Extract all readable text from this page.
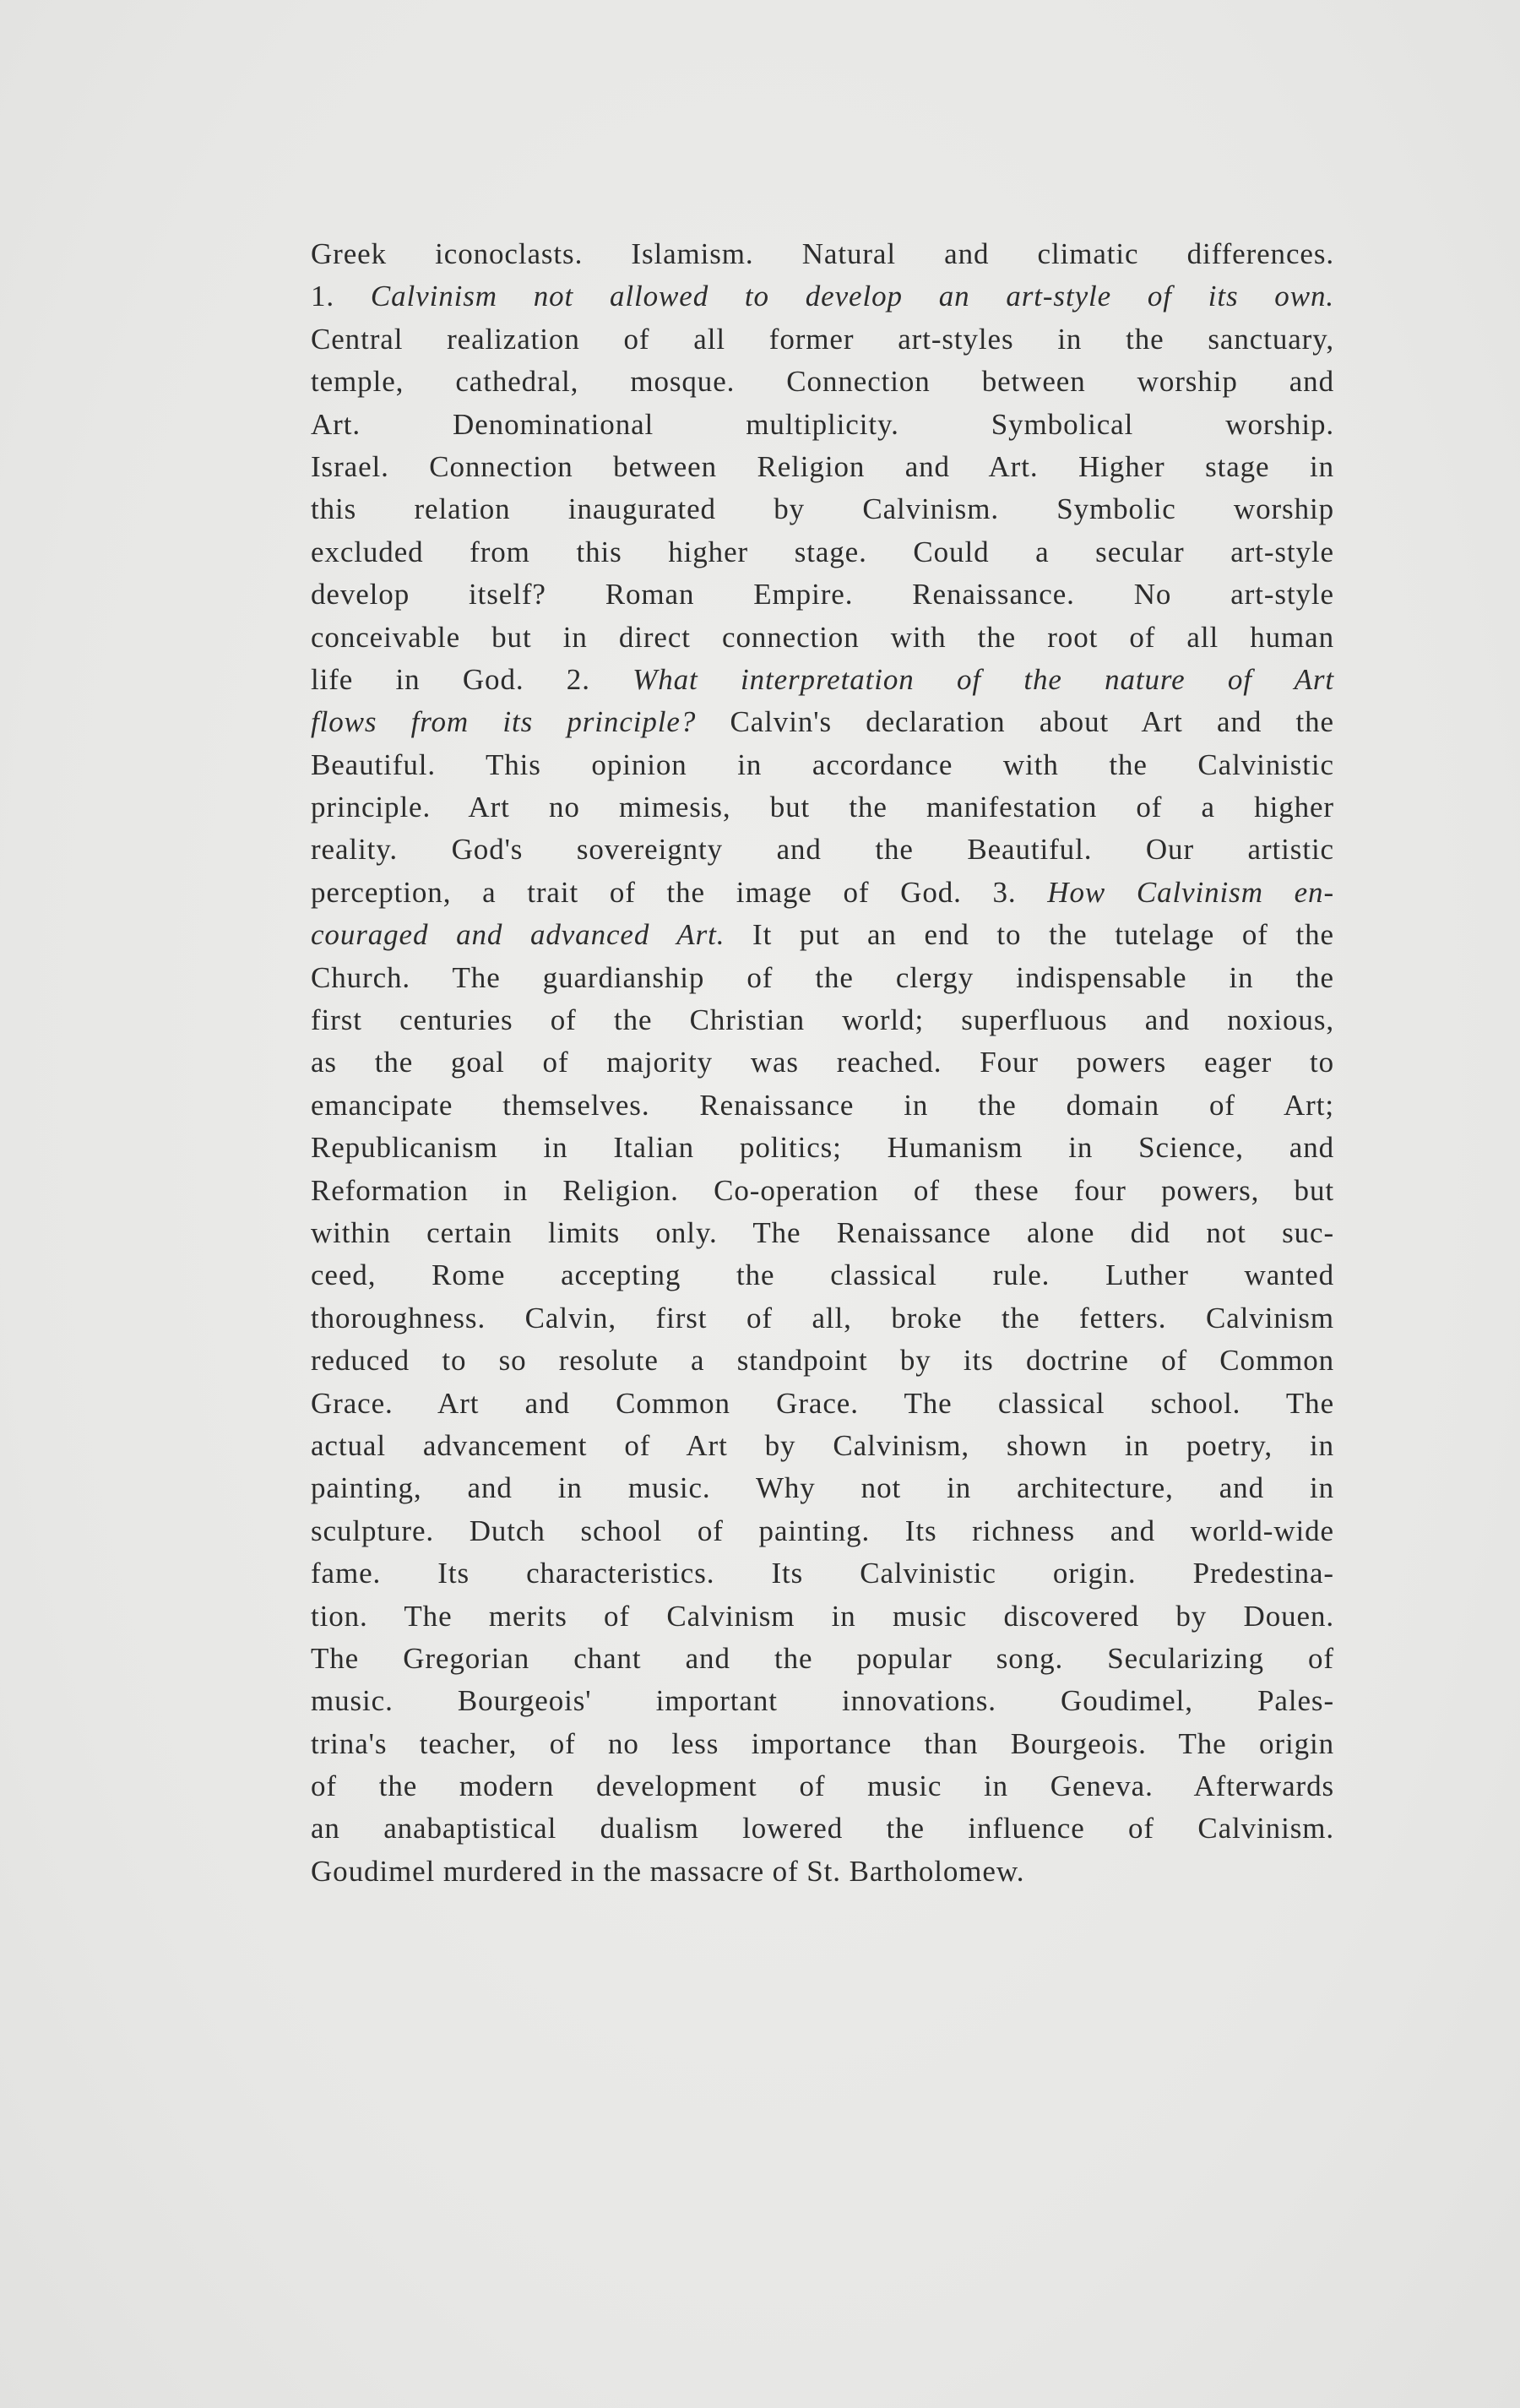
Greek iconoclasts. Islamism. Natural and climatic differences.
1. Calvinism not allowed to develop an art-style of its own.
Central realization of all former art-styles in the sanctuary,
temple, cathedral, mosque. Connection between worship and
Art. Denominational multiplicity. Symbolical worship.
Israel. Connection between Religion and Art. Higher stage in
this relation inaugurated by Calvinism. Symbolic worship
excluded from this higher stage. Could a secular art-style
develop itself? Roman Empire. Renaissance. No art-style
conceivable but in direct connection with the root of all human
life in God. 2. What interpretation of the nature of Art
flows from its principle? Calvin's declaration about Art and the
Beautiful. This opinion in accordance with the Calvinistic
principle. Art no mimesis, but the manifestation of a higher
reality. God's sovereignty and the Beautiful. Our artistic
perception, a trait of the image of God. 3. How Calvinism en-
couraged and advanced Art. It put an end to the tutelage of the
Church. The guardianship of the clergy indispensable in the
first centuries of the Christian world; superfluous and noxious,
as the goal of majority was reached. Four powers eager to
emancipate themselves. Renaissance in the domain of Art;
Republicanism in Italian politics; Humanism in Science, and
Reformation in Religion. Co-operation of these four powers, but
within certain limits only. The Renaissance alone did not suc-
ceed, Rome accepting the classical rule. Luther wanted
thoroughness. Calvin, first of all, broke the fetters. Calvinism
reduced to so resolute a standpoint by its doctrine of Common
Grace. Art and Common Grace. The classical school. The
actual advancement of Art by Calvinism, shown in poetry, in
painting, and in music. Why not in architecture, and in
sculpture. Dutch school of painting. Its richness and world-wide
fame. Its characteristics. Its Calvinistic origin. Predestina-
tion. The merits of Calvinism in music discovered by Douen.
The Gregorian chant and the popular song. Secularizing of
music. Bourgeois' important innovations. Goudimel, Pales-
trina's teacher, of no less importance than Bourgeois. The origin
of the modern development of music in Geneva. Afterwards
an anabaptistical dualism lowered the influence of Calvinism.
Goudimel murdered in the massacre of St. Bartholomew.
